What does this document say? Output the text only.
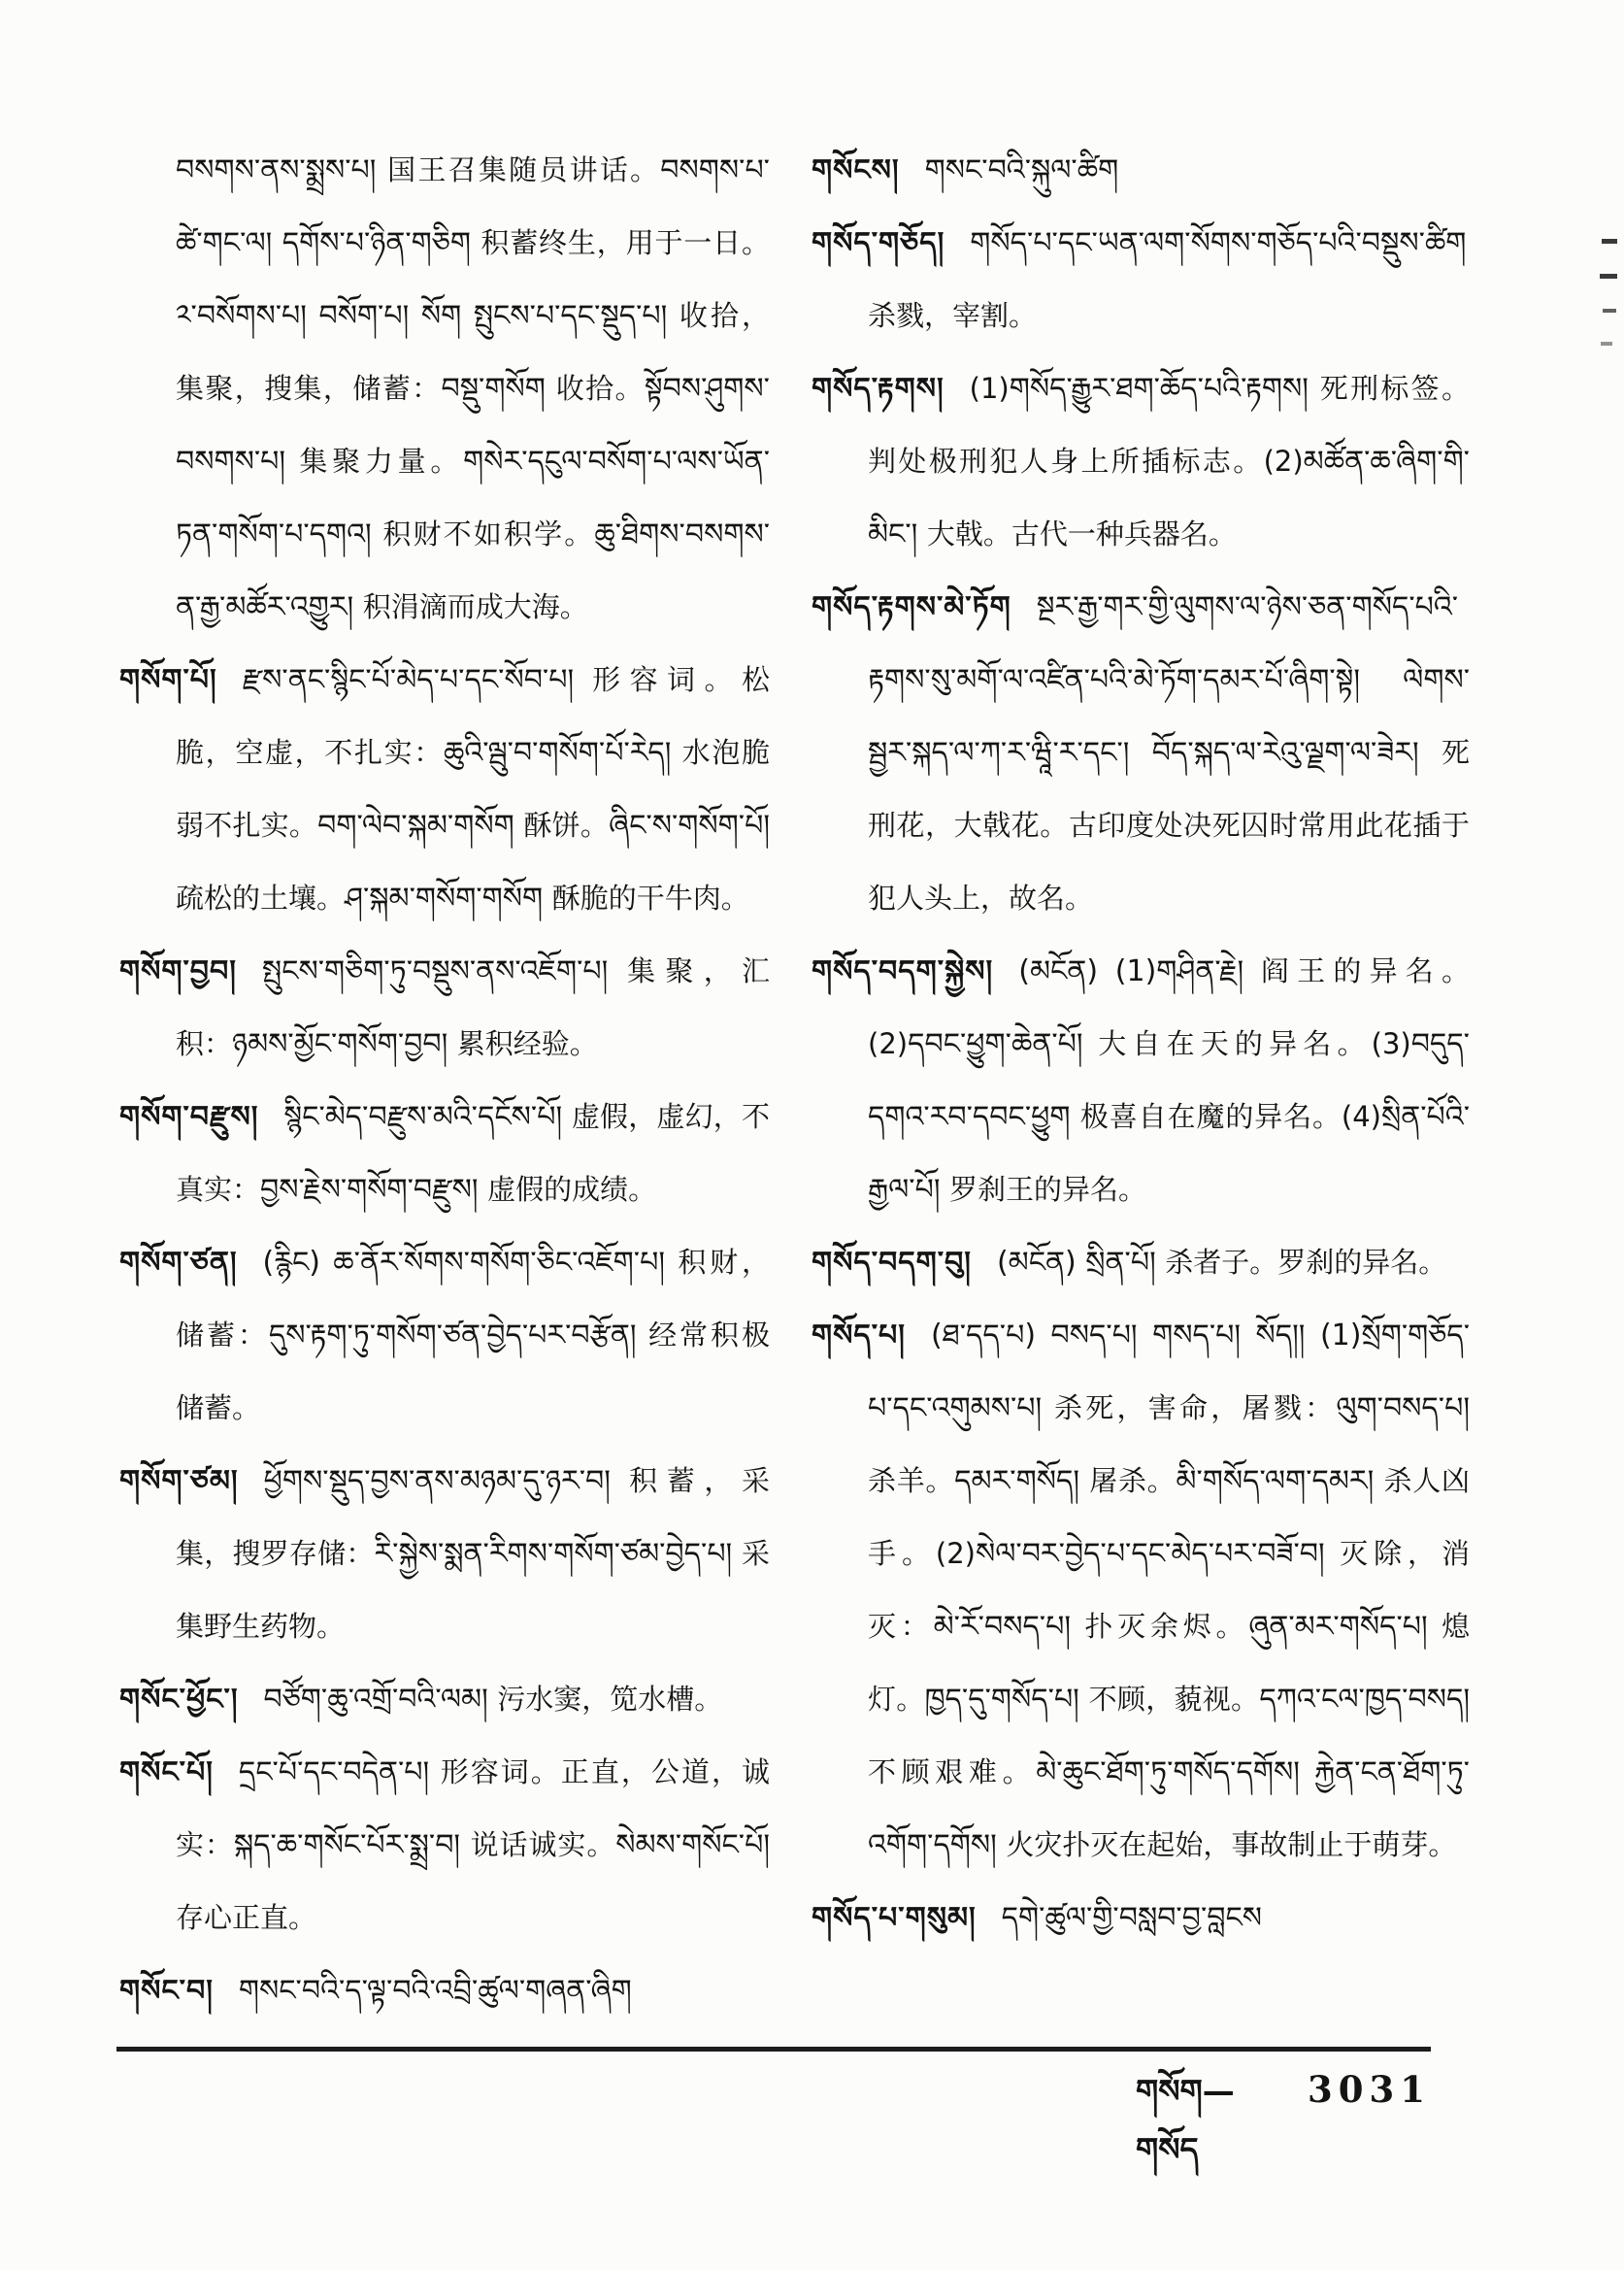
བསགས་ནས་སྨྲས་པ། 国王召集随员讲话。བསགས་པ་ཚེ་གང་ལ། དགོས་པ་ཉིན་གཅིག 积蓄终生，用于一日。༢་བསོགས་པ། བསོག་པ། སོག སྤུངས་པ་དང་སྡུད་པ། 收拾，集聚，搜集，储蓄：བསྡུ་གསོག 收拾。སྟོབས་ཤུགས་བསགས་པ། 集聚力量。གསེར་དངུལ་བསོག་པ་ལས་ཡོན་ཏན་གསོག་པ་དགའ། 积财不如积学。ཆུ་ཐིགས་བསགས་ན་རྒྱ་མཚོར་འགྱུར། 积涓滴而成大海。

གསོག་པོ། རྫས་ནང་སྙིང་པོ་མེད་པ་དང་སོབ་པ། 形容词。松脆，空虚，不扎实：ཆུའི་ལྦུ་བ་གསོག་པོ་རེད། 水泡脆弱不扎实。བག་ལེབ་སྐམ་གསོག 酥饼。ཞིང་ས་གསོག་པོ། 疏松的土壤。ཤ་སྐམ་གསོག་གསོག 酥脆的干牛肉。

གསོག་བྱབ། སྤུངས་གཅིག་ཏུ་བསྡུས་ནས་འཇོག་པ། 集聚，汇积：ཉམས་མྱོང་གསོག་བྱབ། 累积经验。

གསོག་བརྫུས། སྙིང་མེད་བརྫུས་མའི་དངོས་པོ། 虚假，虚幻，不真实：བྱས་རྗེས་གསོག་བརྫུས། 虚假的成绩。

གསོག་ཙན། (རྙིང) ཆ་ནོར་སོགས་གསོག་ཅིང་འཇོག་པ། 积财，储蓄：དུས་རྟག་ཏུ་གསོག་ཙན་བྱེད་པར་བརྩོན། 经常积极储蓄。

གསོག་ཙམ། ཕྱོགས་སྡུད་བྱས་ནས་མཉམ་དུ་ཉར་བ། 积蓄，采集，搜罗存储：རི་སྐྱེས་སྨན་རིགས་གསོག་ཙམ་བྱེད་པ། 采集野生药物。

གསོང་ཕྱོང་། བཙོག་ཆུ་འགྲོ་བའི་ལམ། 污水窦，笕水槽。

གསོང་པོ། དྲང་པོ་དང་བདེན་པ། 形容词。正直，公道，诚实：སྐད་ཆ་གསོང་པོར་སྨྲ་བ། 说话诚实。སེམས་གསོང་པོ། 存心正直。

གསོང་བ། གསང་བའི་ད་ལྟ་བའི་འབྲི་ཚུལ་གཞན་ཞིག

གསོངས། གསང་བའི་སྐུལ་ཚིག

གསོད་གཅོད། གསོད་པ་དང་ཡན་ལག་སོགས་གཅོད་པའི་བསྡུས་ཚིག 杀戮，宰割。

གསོད་རྟགས། (1)གསོད་རྒྱུར་ཐག་ཆོད་པའི་རྟགས། 死刑标签。判处极刑犯人身上所插标志。(2)མཚོན་ཆ་ཞིག་གི་མིང་། 大戟。古代一种兵器名。

གསོད་རྟགས་མེ་ཏོག སྔར་རྒྱ་གར་གྱི་ལུགས་ལ་ཉེས་ཅན་གསོད་པའི་རྟགས་སུ་མགོ་ལ་འཛིན་པའི་མེ་ཏོག་དམར་པོ་ཞིག་སྟེ། ལེགས་སྦྱར་སྐད་ལ་ཀ་ར་ཝཱི་ར་དང་། བོད་སྐད་ལ་རེའུ་ལྗག་ལ་ཟེར། 死刑花，大戟花。古印度处决死囚时常用此花插于犯人头上，故名。

གསོད་བདག་སྐྱེས། (མངོན) (1)གཤིན་རྗེ། 阎王的异名。(2)དབང་ཕྱུག་ཆེན་པོ། 大自在天的异名。(3)བདུད་དགའ་རབ་དབང་ཕྱུག 极喜自在魔的异名。(4)སྲིན་པོའི་རྒྱལ་པོ། 罗刹王的异名。

གསོད་བདག་བུ། (མངོན) སྲིན་པོ། 杀者子。罗刹的异名。

གསོད་པ། (ཐ་དད་པ) བསད་པ། གསད་པ། སོད།། (1)སྲོག་གཅོད་པ་དང་འགུམས་པ། 杀死，害命，屠戮：ལུག་བསད་པ། 杀羊。དམར་གསོད། 屠杀。མི་གསོད་ལག་དམར། 杀人凶手。(2)སེལ་བར་བྱེད་པ་དང་མེད་པར་བཟོ་བ། 灭除，消灭：མེ་རོ་བསད་པ། 扑灭余烬。ཞུན་མར་གསོད་པ། 熄灯。ཁྱད་དུ་གསོད་པ། 不顾，藐视。དཀའ་ངལ་ཁྱད་བསད། 不顾艰难。མེ་ཆུང་ཐོག་ཏུ་གསོད་དགོས། རྐྱེན་ངན་ཐོག་ཏུ་འགོག་དགོས། 火灾扑灭在起始，事故制止于萌芽。

གསོད་པ་གསུམ། དགེ་ཚུལ་གྱི་བསླབ་བྱ་བླངས

གསོག—གསོད
3031
